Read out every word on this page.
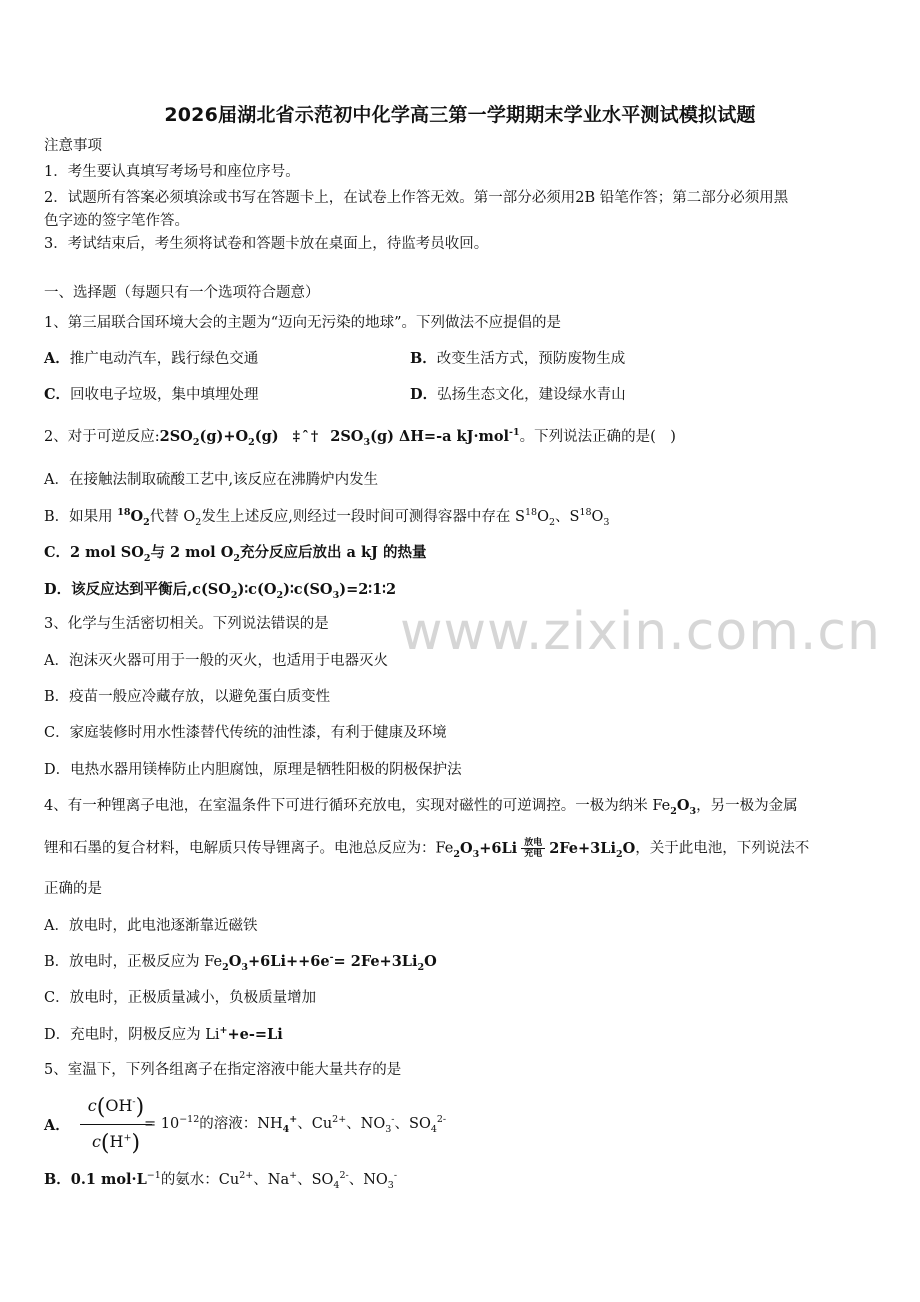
2026届湖北省示范初中化学高三第一学期期末学业水平测试模拟试题
注意事项
1．考生要认真填写考场号和座位序号。
2．试题所有答案必须填涂或书写在答题卡上，在试卷上作答无效。第一部分必须用2B 铅笔作答；第二部分必须用黑
色字迹的签字笔作答。
3．考试结束后，考生须将试卷和答题卡放在桌面上，待监考员收回。
一、选择题（每题只有一个选项符合题意）
1、第三届联合国环境大会的主题为“迈向无污染的地球”。下列做法不应提倡的是
A．推广电动汽车，践行绿色交通	B．改变生活方式，预防废物生成
C．回收电子垃圾，集中填埋处理	D．弘扬生态文化，建设绿水青山
2、对于可逆反应$:2SO_2(g)+O_2(g)$ ‡ˆ† $2SO_3(g)$ ΔH=-a kJ·mol$^{-1}$。下列说法正确的是(　)
A．在接触法制取硫酸工艺中,该反应在沸腾炉内发生
B．如果用 $^{18}O_2$代替 $O_2$发生上述反应,则经过一段时间可测得容器中存在 $S^{18}O_2$、$S^{18}O_3$
C．2 mol $SO_2$与 2 mol $O_2$充分反应后放出 a kJ 的热量
D．该反应达到平衡后$,c(SO_2)∶c(O_2)∶c(SO_3)=2∶1∶2$
3、化学与生活密切相关。下列说法错误的是
A．泡沫灭火器可用于一般的灭火，也适用于电器灭火
B．疫苗一般应冷藏存放，以避免蛋白质变性
C．家庭装修时用水性漆替代传统的油性漆，有利于健康及环境
D．电热水器用镁棒防止内胆腐蚀，原理是牺牲阳极的阴极保护法
4、有一种锂离子电池，在室温条件下可进行循环充放电，实现对磁性的可逆调控。一极为纳米 $Fe_2O_3$，另一极为金属
锂和石墨的复合材料，电解质只传导锂离子。电池总反应为：$Fe_2O_3+6Li$ 放电
充电 $2Fe+3Li_2O$，关于此电池，下列说法不
正确的是
A．放电时，此电池逐渐靠近磁铁
B．放电时，正极反应为 $Fe_2O_3+6Li++6e^-= 2Fe+3Li_2O$
C．放电时，正极质量减小，负极质量增加
D．充电时，阴极反应为 Li++e-=Li
5、室温下，下列各组离子在指定溶液中能大量共存的是
A． $\frac{c(OH^-)}{c(H^+)}$
= $10^{-12}$的溶液：$NH_4^+$、$Cu^{2+}$、$NO_3^-$、$SO_4^{2-}$
B．0.1 $mol\cdot L^{-1}$的氨水：$Cu^{2+}$、Na+、$SO_4^{2-}$、$NO_3^-$
www.zixin.com.cn
